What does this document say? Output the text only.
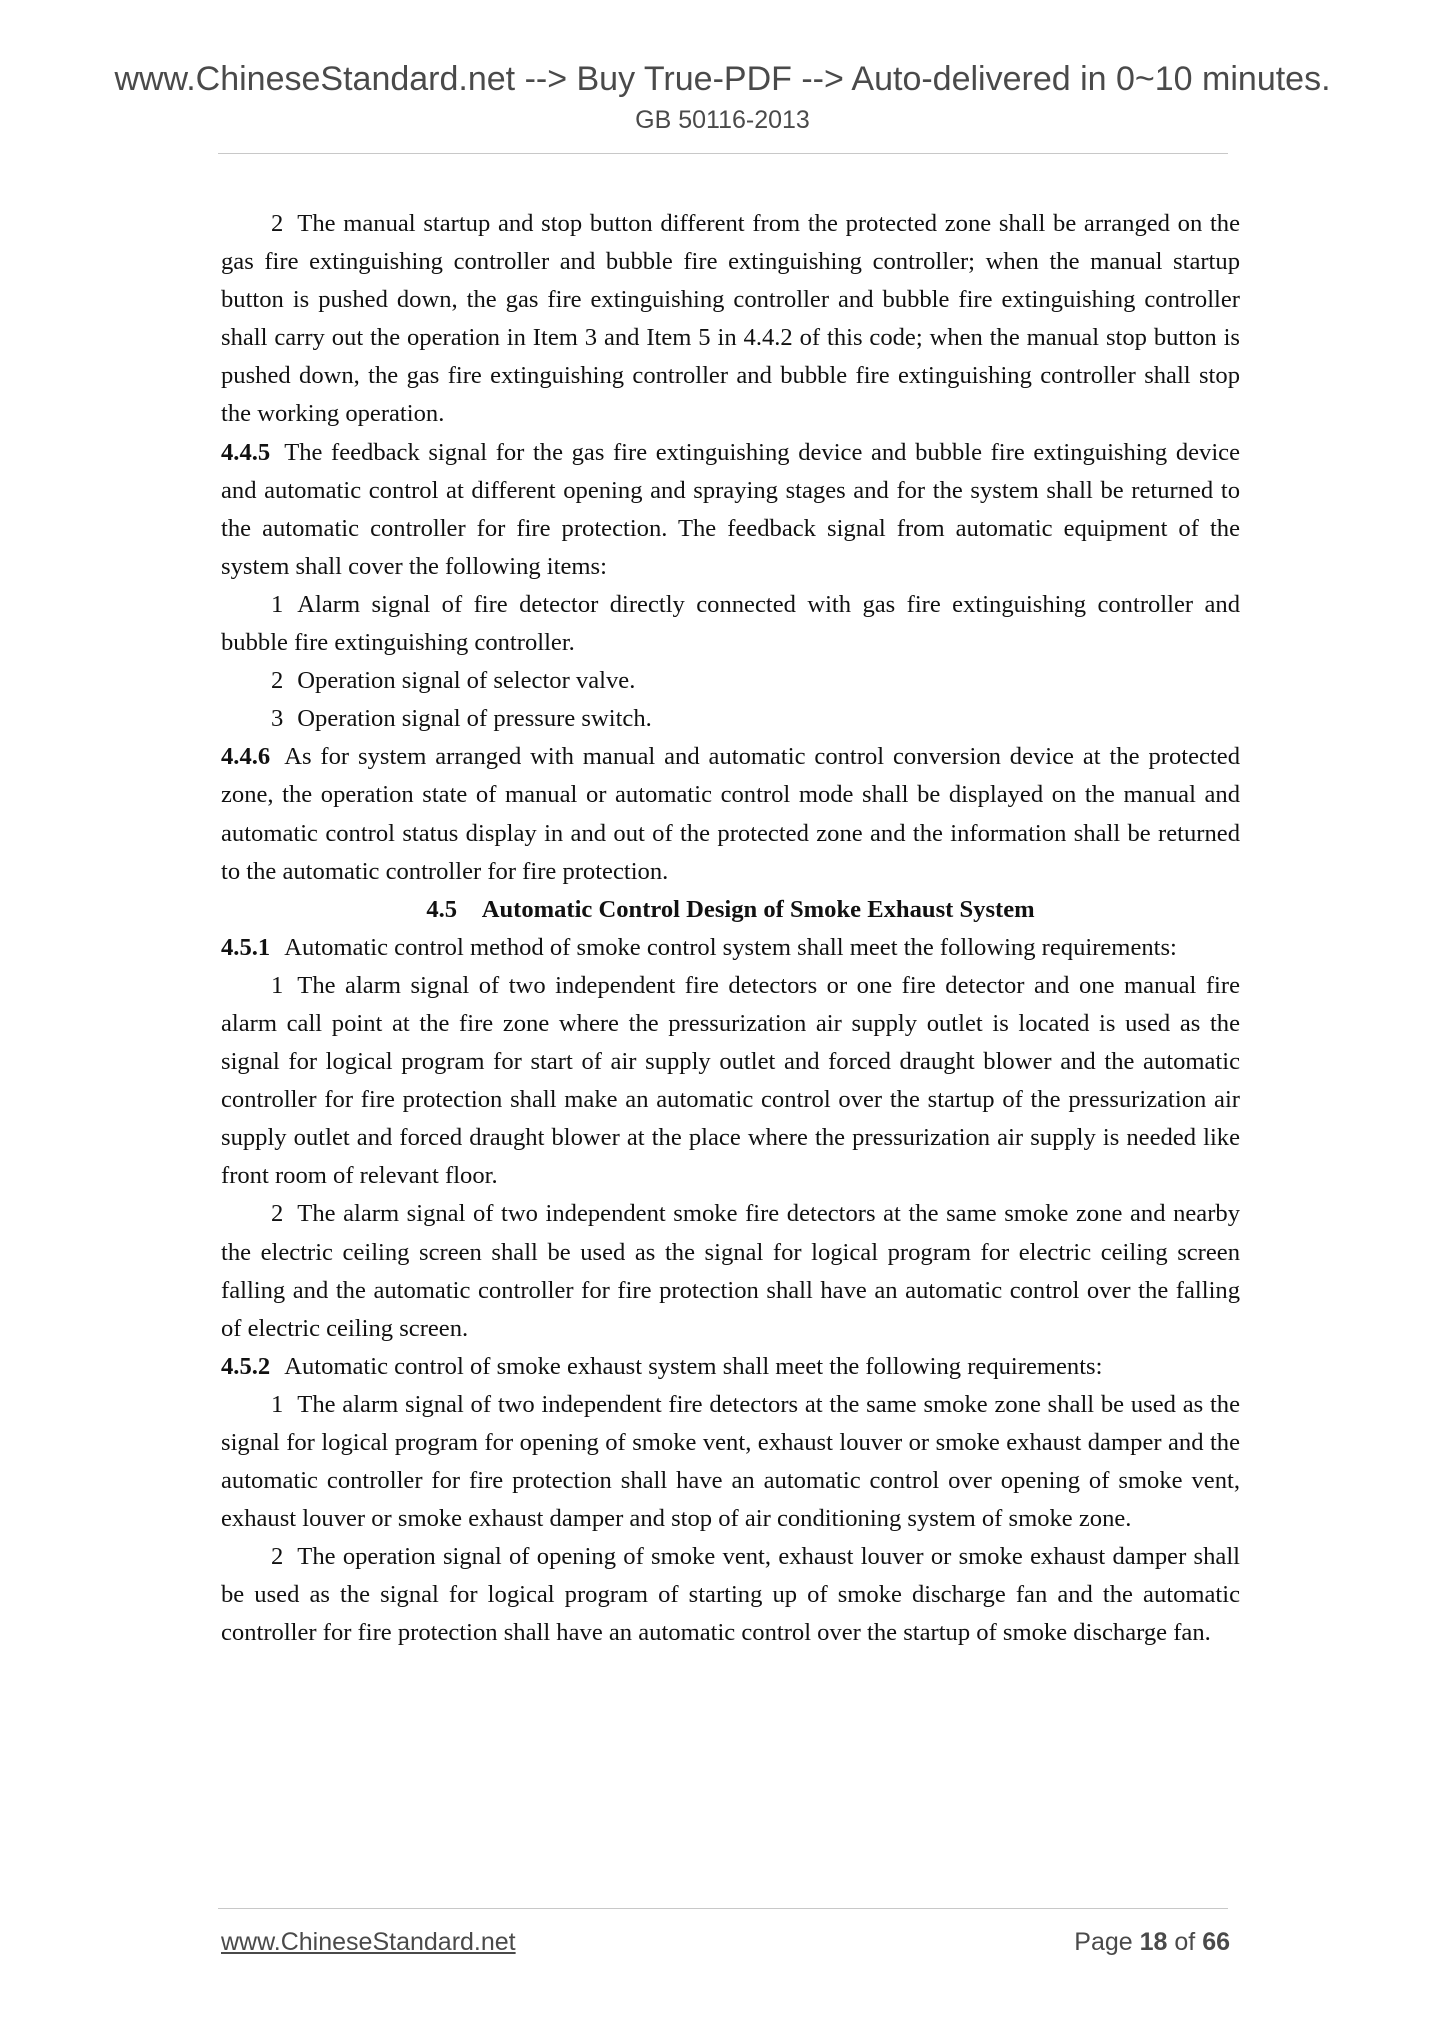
www.ChineseStandard.net --> Buy True-PDF --> Auto-delivered in 0~10 minutes.
GB 50116-2013

2 The manual startup and stop button different from the protected zone shall be arranged on the gas fire extinguishing controller and bubble fire extinguishing controller; when the manual startup button is pushed down, the gas fire extinguishing controller and bubble fire extinguishing controller shall carry out the operation in Item 3 and Item 5 in 4.4.2 of this code; when the manual stop button is pushed down, the gas fire extinguishing controller and bubble fire extinguishing controller shall stop the working operation.

4.4.5 The feedback signal for the gas fire extinguishing device and bubble fire extinguishing device and automatic control at different opening and spraying stages and for the system shall be returned to the automatic controller for fire protection. The feedback signal from automatic equipment of the system shall cover the following items:

1 Alarm signal of fire detector directly connected with gas fire extinguishing controller and bubble fire extinguishing controller.

2 Operation signal of selector valve.

3 Operation signal of pressure switch.

4.4.6 As for system arranged with manual and automatic control conversion device at the protected zone, the operation state of manual or automatic control mode shall be displayed on the manual and automatic control status display in and out of the protected zone and the information shall be returned to the automatic controller for fire protection.

4.5 Automatic Control Design of Smoke Exhaust System

4.5.1 Automatic control method of smoke control system shall meet the following requirements:

1 The alarm signal of two independent fire detectors or one fire detector and one manual fire alarm call point at the fire zone where the pressurization air supply outlet is located is used as the signal for logical program for start of air supply outlet and forced draught blower and the automatic controller for fire protection shall make an automatic control over the startup of the pressurization air supply outlet and forced draught blower at the place where the pressurization air supply is needed like front room of relevant floor.

2 The alarm signal of two independent smoke fire detectors at the same smoke zone and nearby the electric ceiling screen shall be used as the signal for logical program for electric ceiling screen falling and the automatic controller for fire protection shall have an automatic control over the falling of electric ceiling screen.

4.5.2 Automatic control of smoke exhaust system shall meet the following requirements:

1 The alarm signal of two independent fire detectors at the same smoke zone shall be used as the signal for logical program for opening of smoke vent, exhaust louver or smoke exhaust damper and the automatic controller for fire protection shall have an automatic control over opening of smoke vent, exhaust louver or smoke exhaust damper and stop of air conditioning system of smoke zone.

2 The operation signal of opening of smoke vent, exhaust louver or smoke exhaust damper shall be used as the signal for logical program of starting up of smoke discharge fan and the automatic controller for fire protection shall have an automatic control over the startup of smoke discharge fan.

www.ChineseStandard.net	Page 18 of 66
